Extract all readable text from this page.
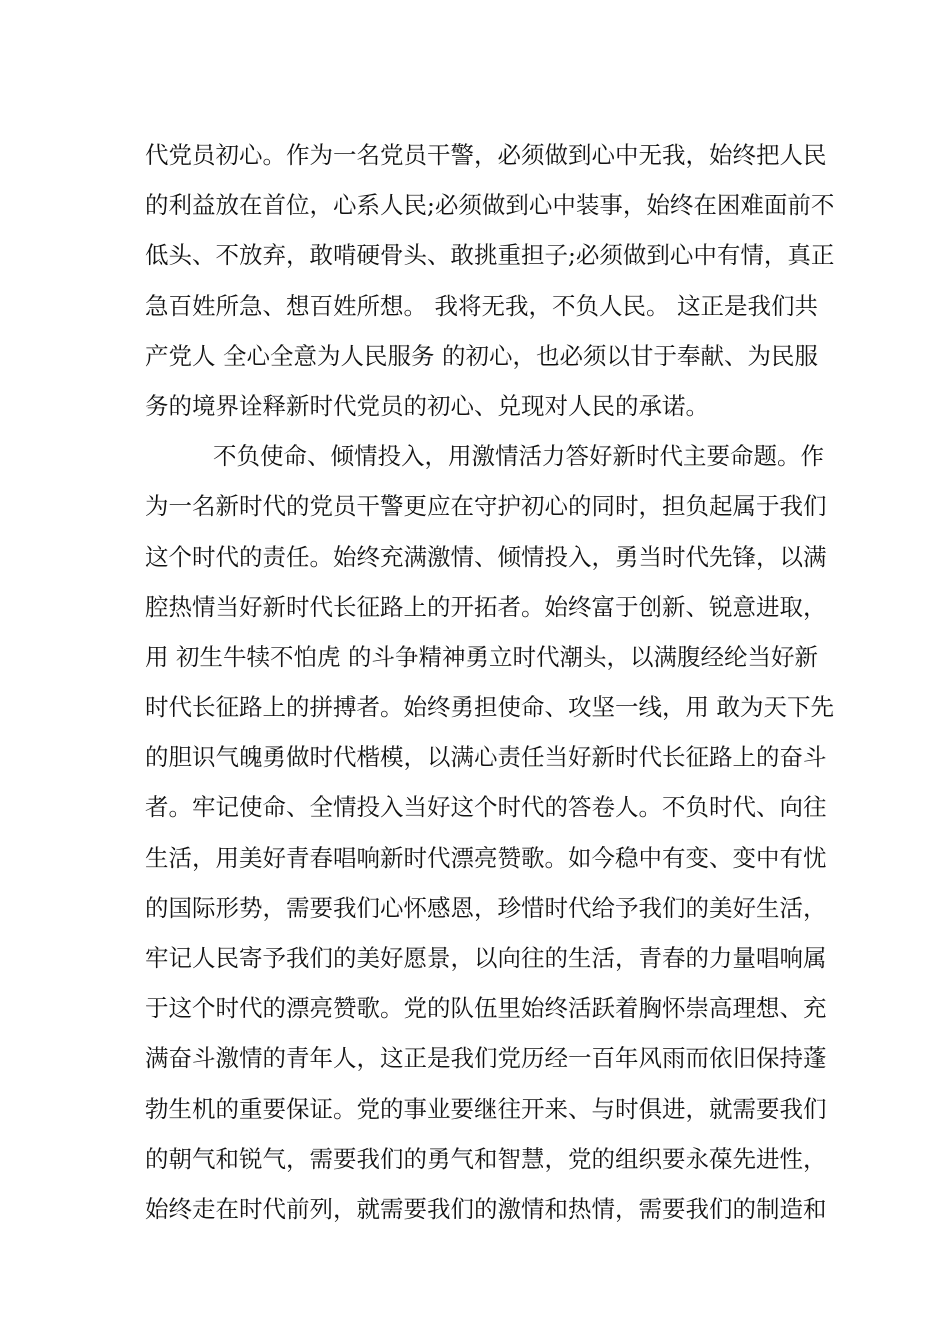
代党员初心。作为一名党员干警，必须做到心中无我，始终把人民
的利益放在首位，心系人民;必须做到心中装事，始终在困难面前不
低头、不放弃，敢啃硬骨头、敢挑重担子;必须做到心中有情，真正
急百姓所急、想百姓所想。 我将无我，不负人民。 这正是我们共
产党人 全心全意为人民服务 的初心，也必须以甘于奉献、为民服
务的境界诠释新时代党员的初心、兑现对人民的承诺。
不负使命、倾情投入，用激情活力答好新时代主要命题。作
为一名新时代的党员干警更应在守护初心的同时，担负起属于我们
这个时代的责任。始终充满激情、倾情投入，勇当时代先锋，以满
腔热情当好新时代长征路上的开拓者。始终富于创新、锐意进取，
用 初生牛犊不怕虎 的斗争精神勇立时代潮头，以满腹经纶当好新
时代长征路上的拼搏者。始终勇担使命、攻坚一线，用 敢为天下先
的胆识气魄勇做时代楷模，以满心责任当好新时代长征路上的奋斗
者。牢记使命、全情投入当好这个时代的答卷人。不负时代、向往
生活，用美好青春唱响新时代漂亮赞歌。如今稳中有变、变中有忧
的国际形势，需要我们心怀感恩，珍惜时代给予我们的美好生活，
牢记人民寄予我们的美好愿景，以向往的生活，青春的力量唱响属
于这个时代的漂亮赞歌。党的队伍里始终活跃着胸怀崇高理想、充
满奋斗激情的青年人，这正是我们党历经一百年风雨而依旧保持蓬
勃生机的重要保证。党的事业要继往开来、与时俱进，就需要我们
的朝气和锐气，需要我们的勇气和智慧，党的组织要永葆先进性，
始终走在时代前列，就需要我们的激情和热情，需要我们的制造和
